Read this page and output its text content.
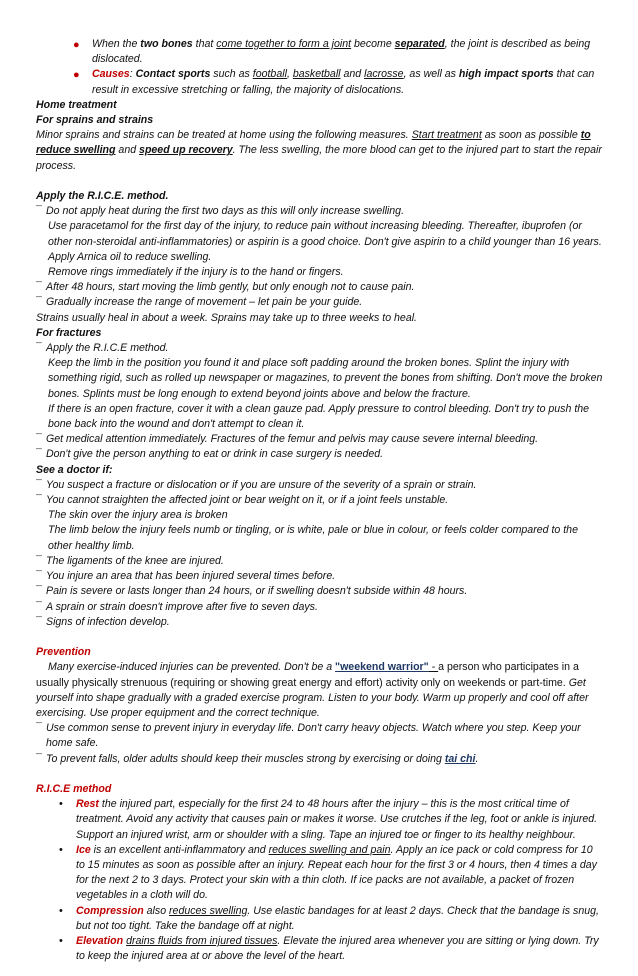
● When the two bones that come together to form a joint become separated, the joint is described as being dislocated.

● Causes: Contact sports such as football, basketball and lacrosse, as well as high impact sports that can result in excessive stretching or falling, the majority of dislocations.

Home treatment

For sprains and strains

Minor sprains and strains can be treated at home using the following measures. Start treatment as soon as possible to reduce swelling and speed up recovery. The less swelling, the more blood can get to the injured part to start the repair process.

Apply the R.I.C.E. method.

¯ Do not apply heat during the first two days as this will only increase swelling.

Use paracetamol for the first day of the injury, to reduce pain without increasing bleeding. Thereafter, ibuprofen (or other non-steroidal anti-inflammatories) or aspirin is a good choice. Don't give aspirin to a child younger than 16 years.

Apply Arnica oil to reduce swelling.

Remove rings immediately if the injury is to the hand or fingers.

¯ After 48 hours, start moving the limb gently, but only enough not to cause pain.

¯ Gradually increase the range of movement – let pain be your guide.

Strains usually heal in about a week. Sprains may take up to three weeks to heal.

For fractures

¯ Apply the R.I.C.E method.

Keep the limb in the position you found it and place soft padding around the broken bones. Splint the injury with something rigid, such as rolled up newspaper or magazines, to prevent the bones from shifting. Don't move the broken bones. Splints must be long enough to extend beyond joints above and below the fracture.

If there is an open fracture, cover it with a clean gauze pad. Apply pressure to control bleeding. Don't try to push the bone back into the wound and don't attempt to clean it.

¯ Get medical attention immediately. Fractures of the femur and pelvis may cause severe internal bleeding.

¯ Don't give the person anything to eat or drink in case surgery is needed.

See a doctor if:

¯ You suspect a fracture or dislocation or if you are unsure of the severity of a sprain or strain.

¯ You cannot straighten the affected joint or bear weight on it, or if a joint feels unstable.

The skin over the injury area is broken

The limb below the injury feels numb or tingling, or is white, pale or blue in colour, or feels colder compared to the other healthy limb.

¯ The ligaments of the knee are injured.

¯ You injure an area that has been injured several times before.

¯ Pain is severe or lasts longer than 24 hours, or if swelling doesn't subside within 48 hours.

¯ A sprain or strain doesn't improve after five to seven days.

¯ Signs of infection develop.

Prevention

Many exercise-induced injuries can be prevented. Don't be a "weekend warrior" - a person who participates in a usually physically strenuous (requiring or showing great energy and effort) activity only on weekends or part-time. Get yourself into shape gradually with a graded exercise program. Listen to your body. Warm up properly and cool off after exercising. Use proper equipment and the correct technique.

¯ Use common sense to prevent injury in everyday life. Don't carry heavy objects. Watch where you step. Keep your home safe.

¯ To prevent falls, older adults should keep their muscles strong by exercising or doing tai chi.

R.I.C.E method

• Rest the injured part, especially for the first 24 to 48 hours after the injury – this is the most critical time of treatment. Avoid any activity that causes pain or makes it worse. Use crutches if the leg, foot or ankle is injured. Support an injured wrist, arm or shoulder with a sling. Tape an injured toe or finger to its healthy neighbour.

• Ice is an excellent anti-inflammatory and reduces swelling and pain. Apply an ice pack or cold compress for 10 to 15 minutes as soon as possible after an injury. Repeat each hour for the first 3 or 4 hours, then 4 times a day for the next 2 to 3 days. Protect your skin with a thin cloth. If ice packs are not available, a packet of frozen vegetables in a cloth will do.

• Compression also reduces swelling. Use elastic bandages for at least 2 days. Check that the bandage is snug, but not too tight. Take the bandage off at night.

• Elevation drains fluids from injured tissues. Elevate the injured area whenever you are sitting or lying down. Try to keep the injured area at or above the level of the heart.
